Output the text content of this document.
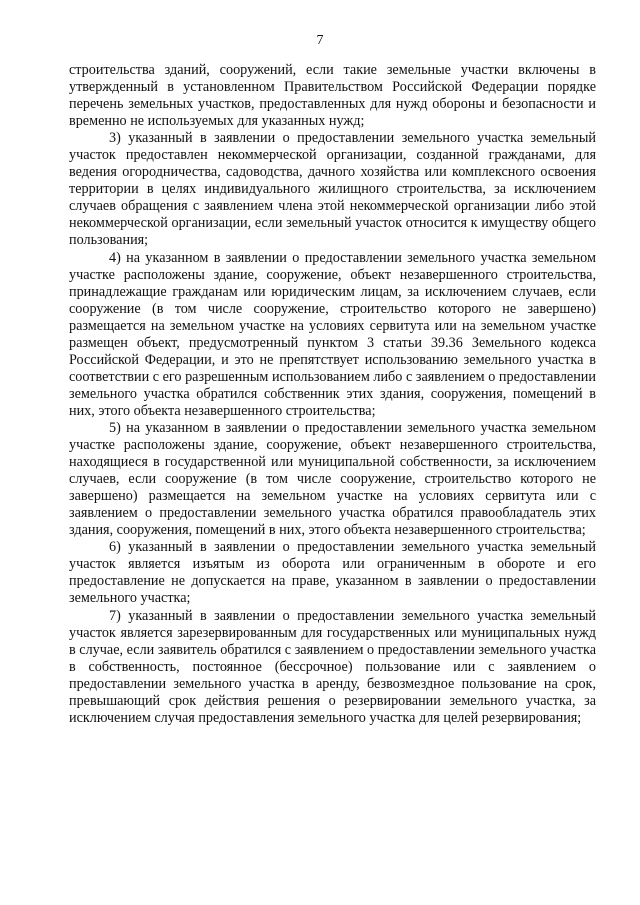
7

строительства зданий, сооружений, если такие земельные участки включены в утвержденный в установленном Правительством Российской Федерации порядке перечень земельных участков, предоставленных для нужд обороны и безопасности и временно не используемых для указанных нужд;

3) указанный в заявлении о предоставлении земельного участка земельный участок предоставлен некоммерческой организации, созданной гражданами, для ведения огородничества, садоводства, дачного хозяйства или комплексного освоения территории в целях индивидуального жилищного строительства, за исключением случаев обращения с заявлением члена этой некоммерческой организации либо этой некоммерческой организации, если земельный участок относится к имуществу общего пользования;

4) на указанном в заявлении о предоставлении земельного участка земельном участке расположены здание, сооружение, объект незавершенного строительства, принадлежащие гражданам или юридическим лицам, за исключением случаев, если сооружение (в том числе сооружение, строительство которого не завершено) размещается на земельном участке на условиях сервитута или на земельном участке размещен объект, предусмотренный пунктом 3 статьи 39.36 Земельного кодекса Российской Федерации, и это не препятствует использованию земельного участка в соответствии с его разрешенным использованием либо с заявлением о предоставлении земельного участка обратился собственник этих здания, сооружения, помещений в них, этого объекта незавершенного строительства;

5) на указанном в заявлении о предоставлении земельного участка земельном участке расположены здание, сооружение, объект незавершенного строительства, находящиеся в государственной или муниципальной собственности, за исключением случаев, если сооружение (в том числе сооружение, строительство которого не завершено) размещается на земельном участке на условиях сервитута или с заявлением о предоставлении земельного участка обратился правообладатель этих здания, сооружения, помещений в них, этого объекта незавершенного строительства;

6) указанный в заявлении о предоставлении земельного участка земельный участок является изъятым из оборота или ограниченным в обороте и его предоставление не допускается на праве, указанном в заявлении о предоставлении земельного участка;

7) указанный в заявлении о предоставлении земельного участка земельный участок является зарезервированным для государственных или муниципальных нужд в случае, если заявитель обратился с заявлением о предоставлении земельного участка в собственность, постоянное (бессрочное) пользование или с заявлением о предоставлении земельного участка в аренду, безвозмездное пользование на срок, превышающий срок действия решения о резервировании земельного участка, за исключением случая предоставления земельного участка для целей резервирования;
